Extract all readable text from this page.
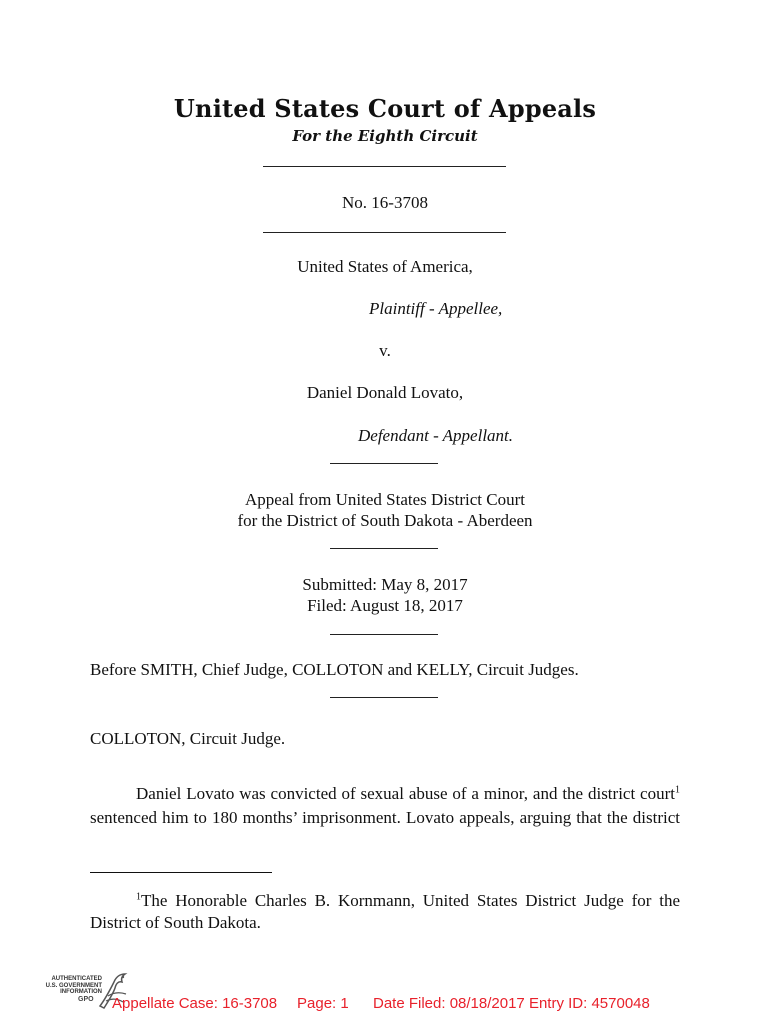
United States Court of Appeals
For the Eighth Circuit
No. 16-3708
United States of America,
Plaintiff - Appellee,
v.
Daniel Donald Lovato,
Defendant - Appellant.
Appeal from United States District Court
for the District of South Dakota - Aberdeen
Submitted: May 8, 2017
Filed: August 18, 2017
Before SMITH, Chief Judge, COLLOTON and KELLY, Circuit Judges.
COLLOTON, Circuit Judge.
Daniel Lovato was convicted of sexual abuse of a minor, and the district court$^1$
sentenced him to 180 months’ imprisonment. Lovato appeals, arguing that the district
$^1$The Honorable Charles B. Kornmann, United States District Judge for the
District of South Dakota.
AUTHENTICATED
U.S. GOVERNMENT
INFORMATION
GPO Appellate Case: 16-3708 Page: 1 Date Filed: 08/18/2017 Entry ID: 4570048
